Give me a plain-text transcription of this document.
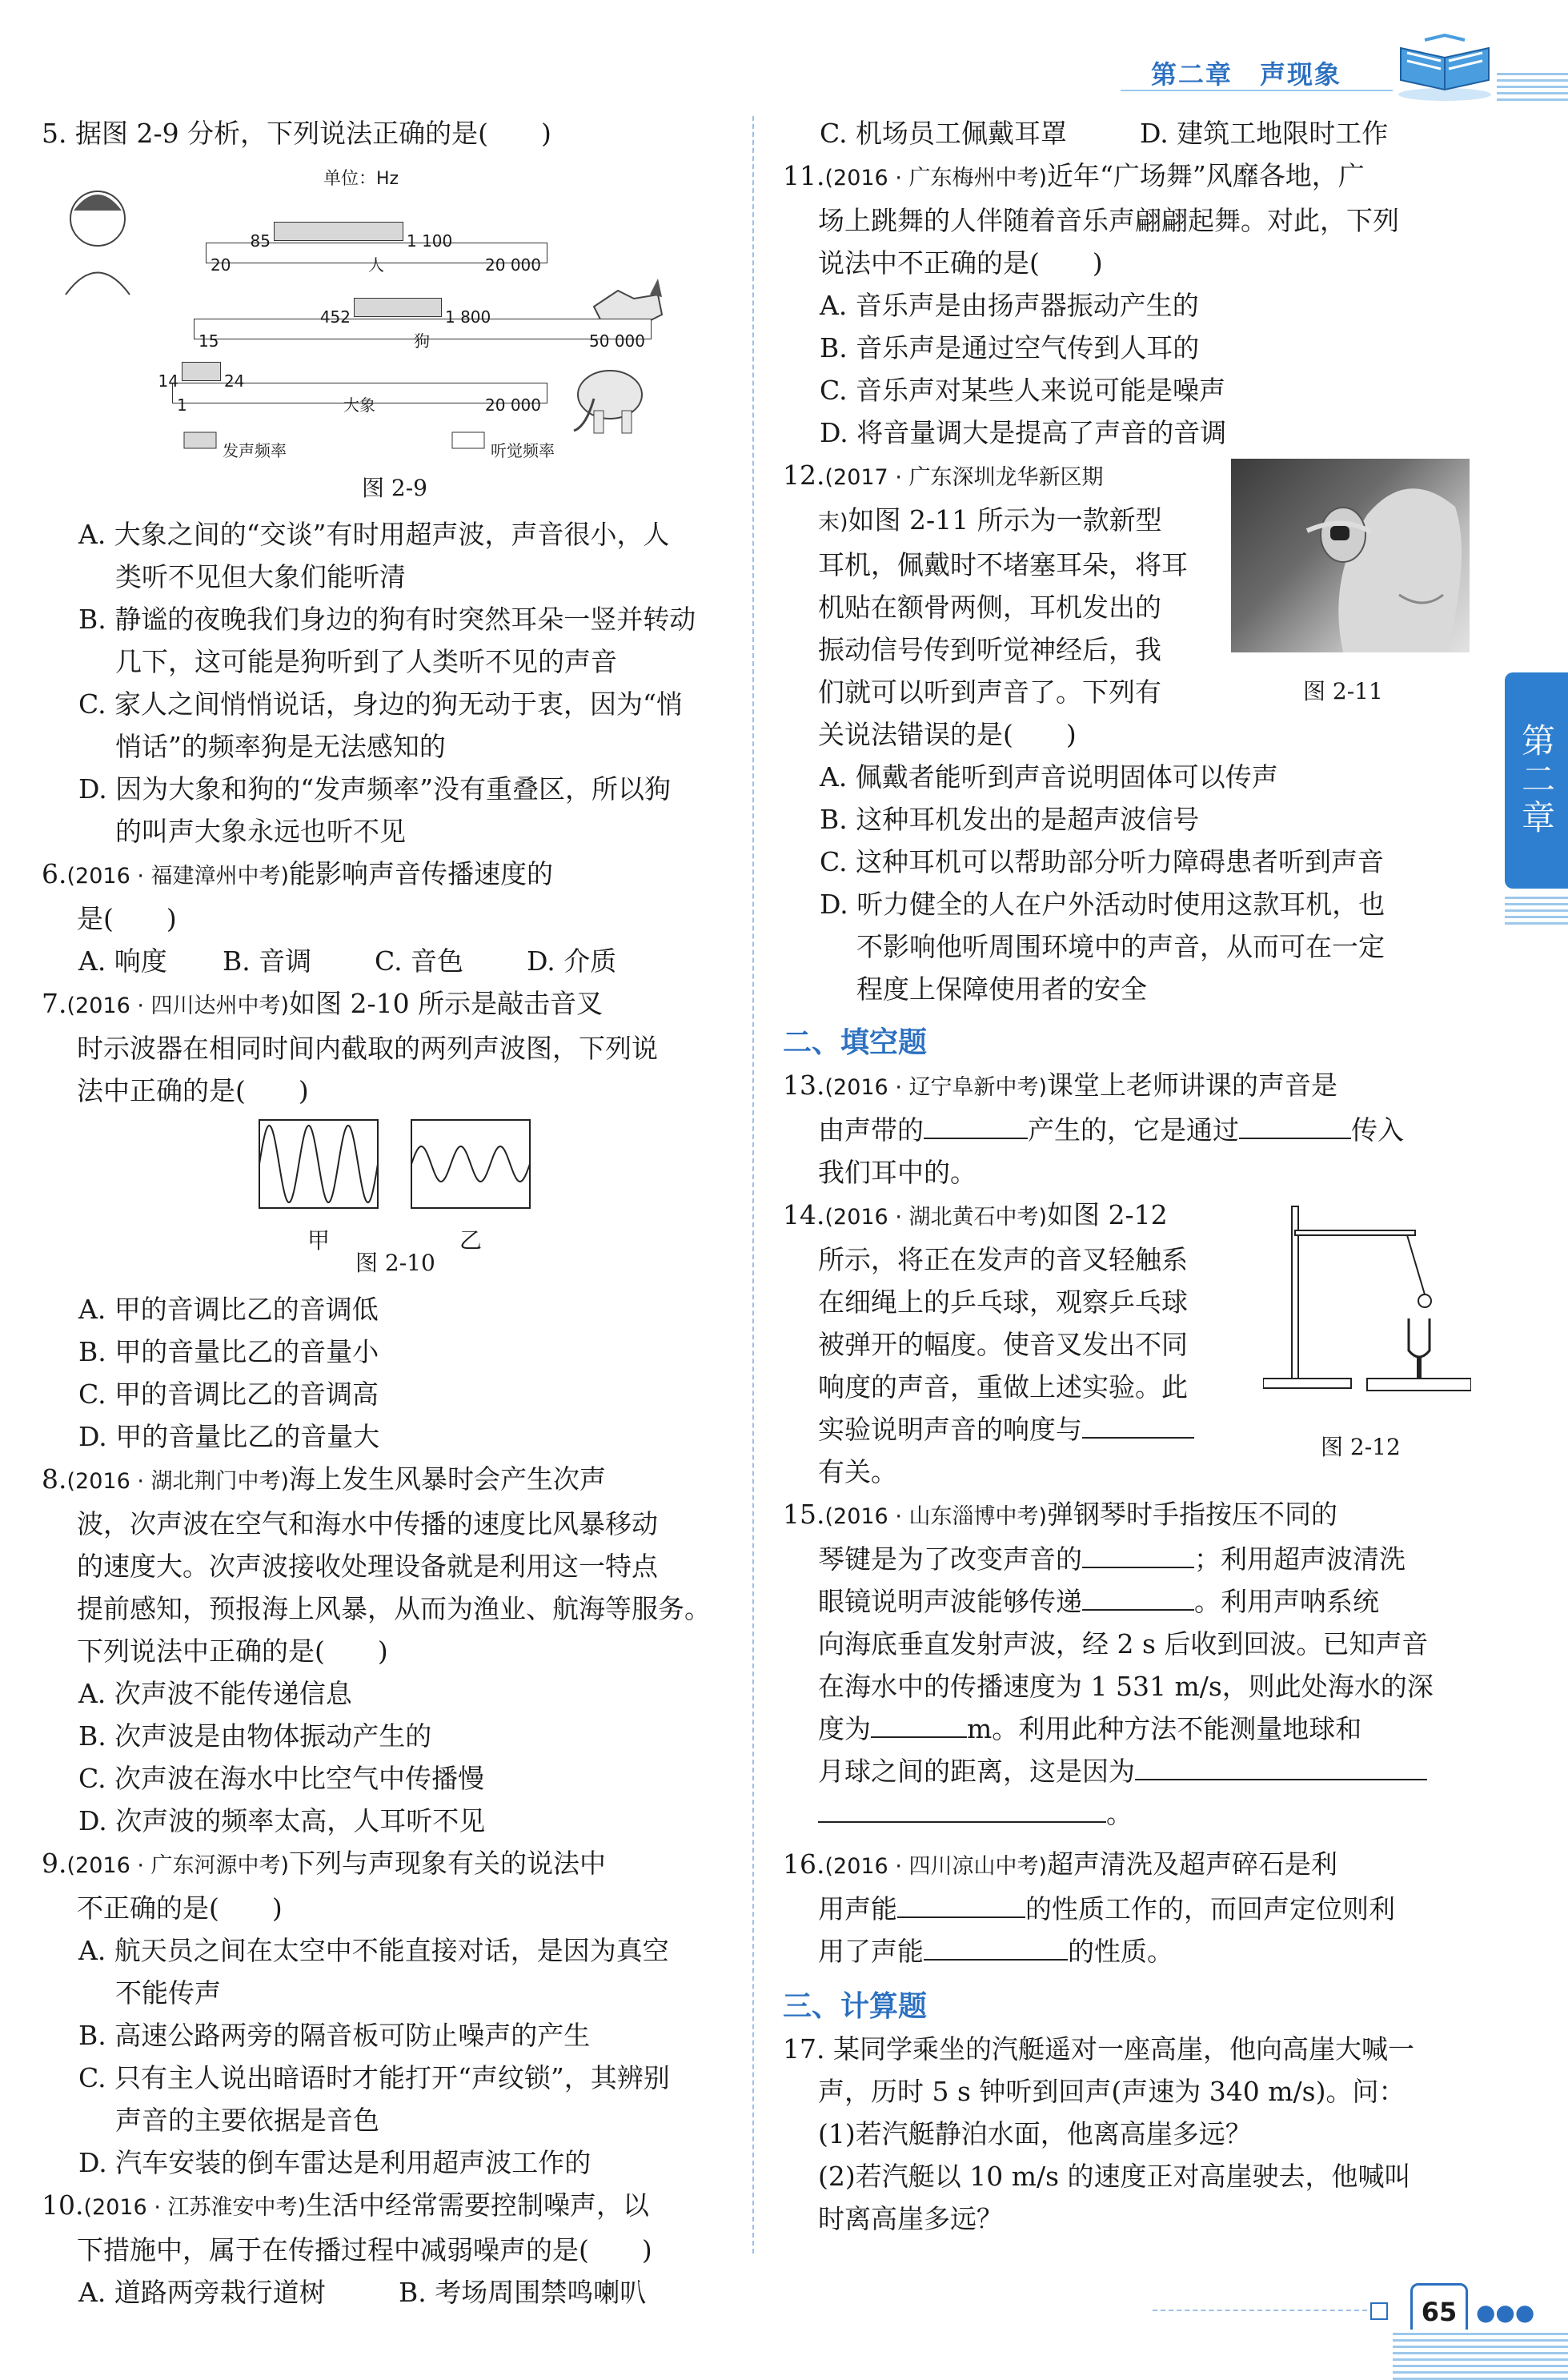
第二章　声现象
第二章

5. 据图 2-9 分析，下列说法正确的是(　　)

单位：Hz
20	20 000
人
85	1 100
15	50 000
狗
452	1 800
1	20 000
大象
14	24
发声频率	听觉频率
图 2-9

A. 大象之间的“交谈”有时用超声波，声音很小，人

类听不见但大象们能听清

B. 静谧的夜晚我们身边的狗有时突然耳朵一竖并转动

几下，这可能是狗听到了人类听不见的声音

C. 家人之间悄悄说话，身边的狗无动于衷，因为“悄

悄话”的频率狗是无法感知的

D. 因为大象和狗的“发声频率”没有重叠区，所以狗

的叫声大象永远也听不见

6.(2016 · 福建漳州中考)能影响声音传播速度的

是(　　)

A. 响度 B. 音调 C. 音色 D. 介质

7.(2016 · 四川达州中考)如图 2-10 所示是敲击音叉

时示波器在相同时间内截取的两列声波图，下列说

法中正确的是(　　)

甲	乙
图 2-10

A. 甲的音调比乙的音调低

B. 甲的音量比乙的音量小

C. 甲的音调比乙的音调高

D. 甲的音量比乙的音量大

8.(2016 · 湖北荆门中考)海上发生风暴时会产生次声

波，次声波在空气和海水中传播的速度比风暴移动

的速度大。次声波接收处理设备就是利用这一特点

提前感知，预报海上风暴，从而为渔业、航海等服务。

下列说法中正确的是(　　)

A. 次声波不能传递信息

B. 次声波是由物体振动产生的

C. 次声波在海水中比空气中传播慢

D. 次声波的频率太高，人耳听不见

9.(2016 · 广东河源中考)下列与声现象有关的说法中

不正确的是(　　)

A. 航天员之间在太空中不能直接对话，是因为真空

不能传声

B. 高速公路两旁的隔音板可防止噪声的产生

C. 只有主人说出暗语时才能打开“声纹锁”，其辨别

声音的主要依据是音色

D. 汽车安装的倒车雷达是利用超声波工作的

10.(2016 · 江苏淮安中考)生活中经常需要控制噪声，以

下措施中，属于在传播过程中减弱噪声的是(　　)

A. 道路两旁栽行道树	B. 考场周围禁鸣喇叭

C. 机场员工佩戴耳罩	D. 建筑工地限时工作

11.(2016 · 广东梅州中考)近年“广场舞”风靡各地，广

场上跳舞的人伴随着音乐声翩翩起舞。对此，下列

说法中不正确的是(　　)

A. 音乐声是由扬声器振动产生的

B. 音乐声是通过空气传到人耳的

C. 音乐声对某些人来说可能是噪声

D. 将音量调大是提高了声音的音调

图 2-11

12.(2017 · 广东深圳龙华新区期

末)如图 2-11 所示为一款新型

耳机，佩戴时不堵塞耳朵，将耳

机贴在额骨两侧，耳机发出的

振动信号传到听觉神经后，我

们就可以听到声音了。下列有

关说法错误的是(　　)

A. 佩戴者能听到声音说明固体可以传声

B. 这种耳机发出的是超声波信号

C. 这种耳机可以帮助部分听力障碍患者听到声音

D. 听力健全的人在户外活动时使用这款耳机，也

不影响他听周围环境中的声音，从而可在一定

程度上保障使用者的安全

二、填空题

13.(2016 · 辽宁阜新中考)课堂上老师讲课的声音是

由声带的	产生的，它是通过	传入

我们耳中的。

图 2-12

14.(2016 · 湖北黄石中考)如图 2-12

所示，将正在发声的音叉轻触系

在细绳上的乒乓球，观察乒乓球

被弹开的幅度。使音叉发出不同

响度的声音，重做上述实验。此

实验说明声音的响度与

有关。

15.(2016 · 山东淄博中考)弹钢琴时手指按压不同的

琴键是为了改变声音的	；利用超声波清洗

眼镜说明声波能够传递	。利用声呐系统

向海底垂直发射声波，经 2 s 后收到回波。已知声音

在海水中的传播速度为 1 531 m/s，则此处海水的深

度为	m。利用此种方法不能测量地球和

月球之间的距离，这是因为

。

16.(2016 · 四川凉山中考)超声清洗及超声碎石是利

用声能	的性质工作的，而回声定位则利

用了声能	的性质。

三、计算题

17. 某同学乘坐的汽艇遥对一座高崖，他向高崖大喊一

声，历时 5 s 钟听到回声(声速为 340 m/s)。问：

(1)若汽艇静泊水面，他离高崖多远？

(2)若汽艇以 10 m/s 的速度正对高崖驶去，他喊叫

时离高崖多远？

65 ●●●
